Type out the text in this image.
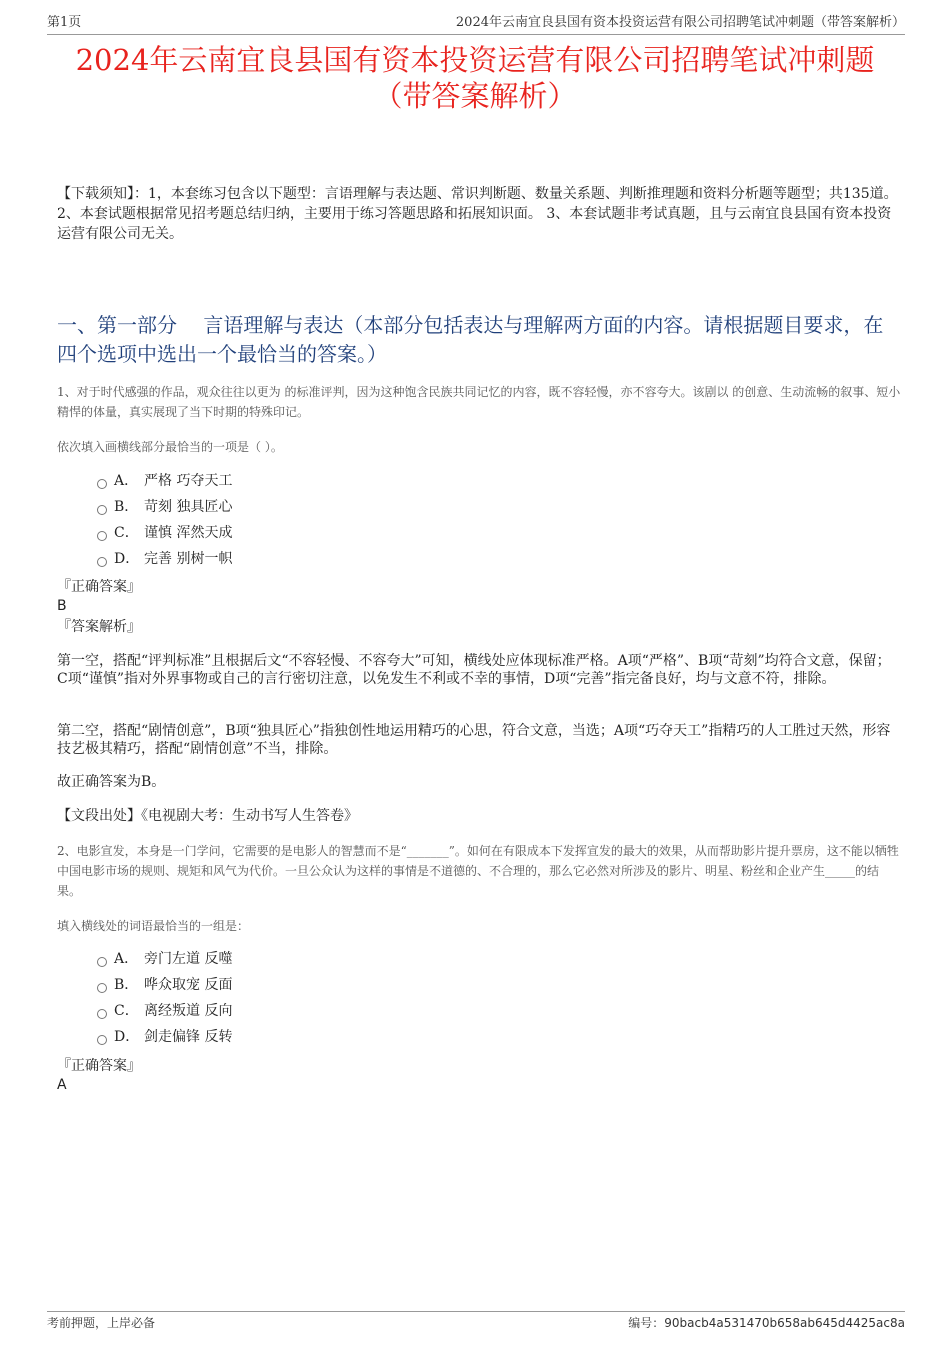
第1页	2024年云南宜良县国有资本投资运营有限公司招聘笔试冲刺题（带答案解析）
2024年云南宜良县国有资本投资运营有限公司招聘笔试冲刺题
（带答案解析）
【下载须知】：1，本套练习包含以下题型：言语理解与表达题、常识判断题、数量关系题、判断推理题和资料分析题等题型；共135道。 2、本套试题根据常见招考题总结归纳，主要用于练习答题思路和拓展知识面。 3、本套试题非考试真题，且与云南宜良县国有资本投资运营有限公司无关。
一、第一部分　 言语理解与表达（本部分包括表达与理解两方面的内容。请根据题目要求，在四个选项中选出一个最恰当的答案。）
1、对于时代感强的作品，观众往往以更为 的标准评判，因为这种饱含民族共同记忆的内容，既不容轻慢，亦不容夸大。该剧以 的创意、生动流畅的叙事、短小精悍的体量，真实展现了当下时期的特殊印记。
依次填入画横线部分最恰当的一项是（ ）。
A． 严格 巧夺天工
B． 苛刻 独具匠心
C． 谨慎 浑然天成
D． 完善 别树一帜
『正确答案』
B
『答案解析』
第一空，搭配“评判标准”且根据后文“不容轻慢、不容夸大”可知，横线处应体现标准严格。A项“严格”、B项“苛刻”均符合文意，保留；C项“谨慎”指对外界事物或自己的言行密切注意，以免发生不利或不幸的事情，D项“完善”指完备良好，均与文意不符，排除。
第二空，搭配“剧情创意”，B项“独具匠心”指独创性地运用精巧的心思，符合文意，当选；A项“巧夺天工”指精巧的人工胜过天然，形容技艺极其精巧，搭配“剧情创意”不当，排除。
故正确答案为B。
【文段出处】《电视剧大考：生动书写人生答卷》
2、电影宣发，本身是一门学问，它需要的是电影人的智慧而不是“_______”。如何在有限成本下发挥宣发的最大的效果，从而帮助影片提升票房，这不能以牺牲中国电影市场的规则、规矩和风气为代价。一旦公众认为这样的事情是不道德的、不合理的，那么它必然对所涉及的影片、明星、粉丝和企业产生_____的结果。
填入横线处的词语最恰当的一组是：
A． 旁门左道 反噬
B． 哗众取宠 反面
C． 离经叛道 反向
D． 剑走偏锋 反转
『正确答案』
A
考前押题，上岸必备	编号：90bacb4a531470b658ab645d4425ac8a
